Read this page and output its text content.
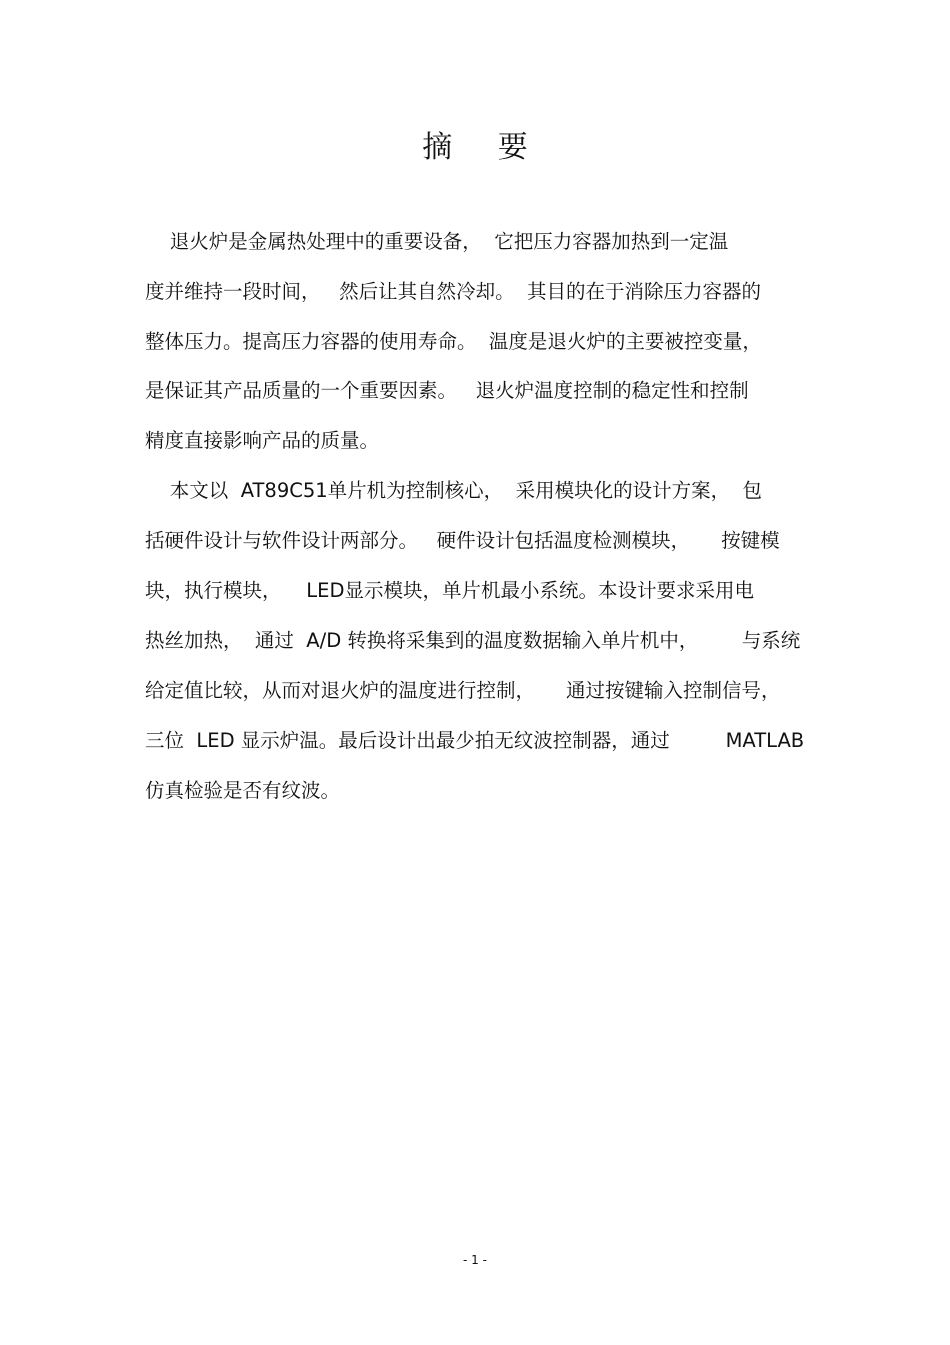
摘 要
退火炉是金属热处理中的重要设备，  它把压力容器加热到一定温
度并维持一段时间，   然后让其自然冷却。  其目的在于消除压力容器的
整体压力。提高压力容器的使用寿命。  温度是退火炉的主要被控变量，
是保证其产品质量的一个重要因素。   退火炉温度控制的稳定性和控制
精度直接影响产品的质量。
本文以  AT89C51单片机为控制核心，  采用模块化的设计方案，  包
括硬件设计与软件设计两部分。   硬件设计包括温度检测模块，     按键模
块，执行模块，    LED显示模块，单片机最小系统。本设计要求采用电
热丝加热，  通过  A/D 转换将采集到的温度数据输入单片机中，       与系统
给定值比较，从而对退火炉的温度进行控制，     通过按键输入控制信号，
三位  LED 显示炉温。最后设计出最少拍无纹波控制器，通过         MATLAB
仿真检验是否有纹波。
- 1 -
